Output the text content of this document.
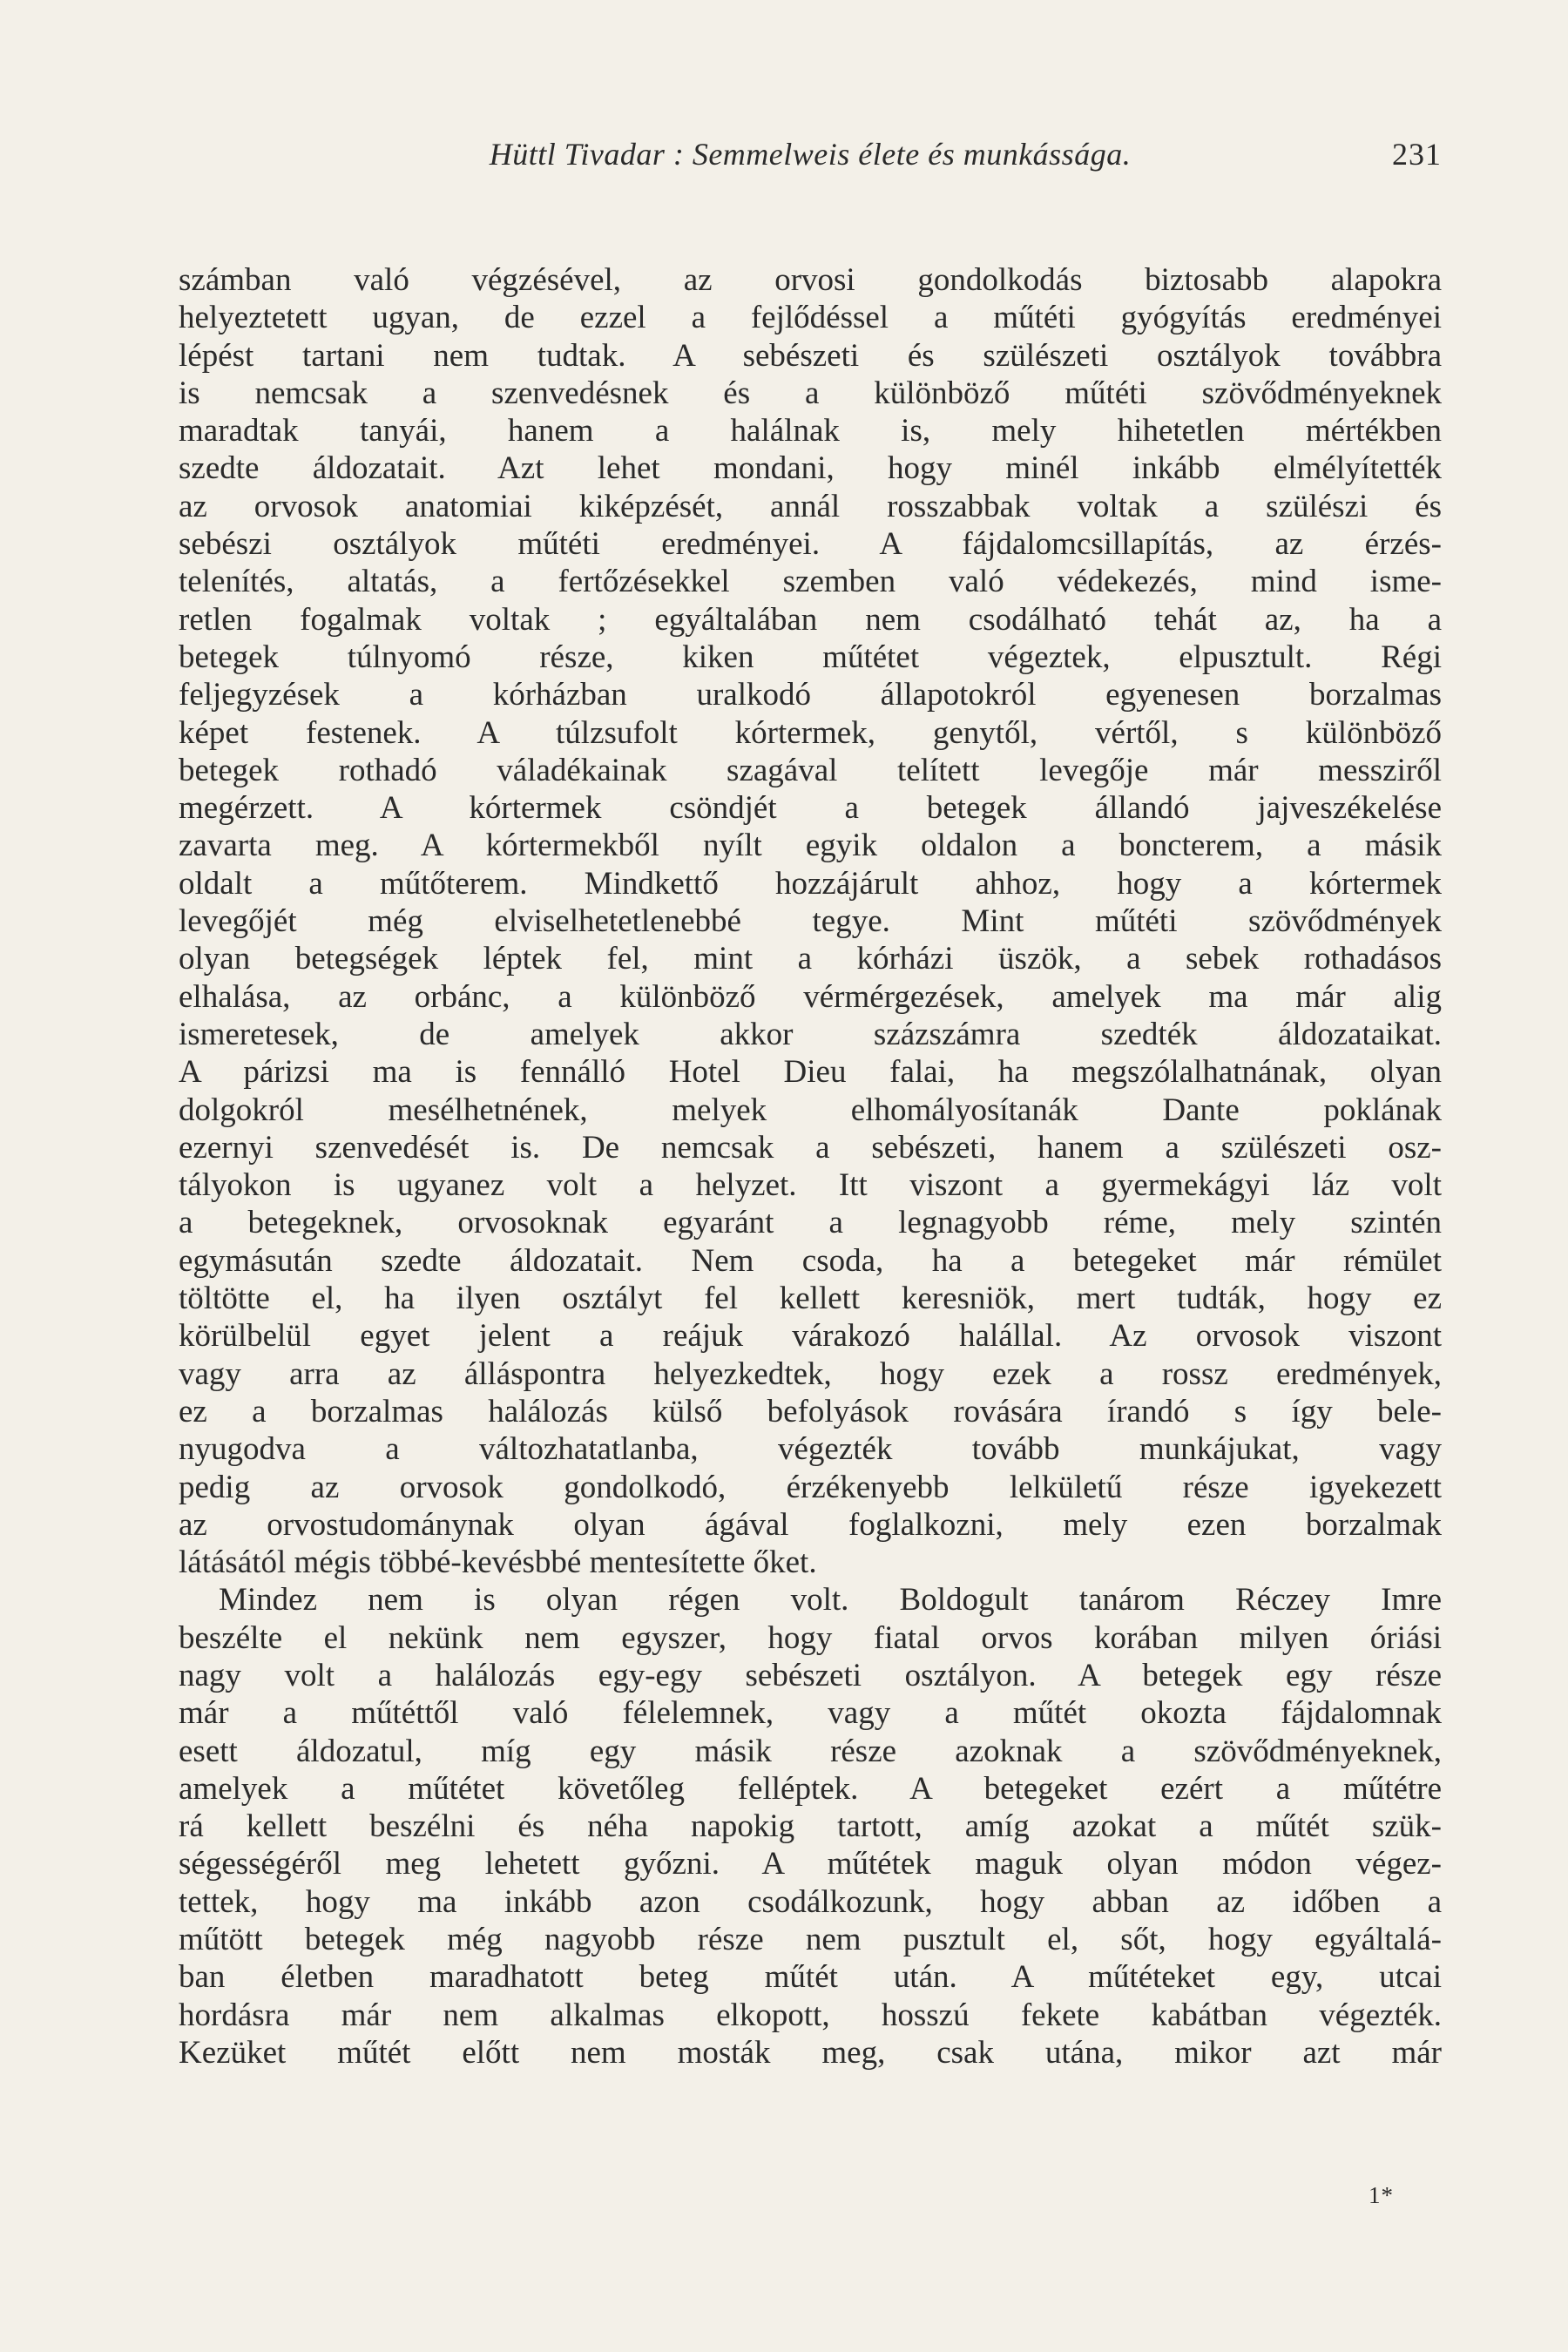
Hüttl Tivadar : Semmelweis élete és munkássága.	231
számban való végzésével, az orvosi gondolkodás biztosabb alapokra
helyeztetett ugyan, de ezzel a fejlődéssel a műtéti gyógyítás eredményei
lépést tartani nem tudtak. A sebészeti és szülészeti osztályok továbbra
is nemcsak a szenvedésnek és a különböző műtéti szövődményeknek
maradtak tanyái, hanem a halálnak is, mely hihetetlen mértékben
szedte áldozatait. Azt lehet mondani, hogy minél inkább elmélyítették
az orvosok anatomiai kiképzését, annál rosszabbak voltak a szülészi és
sebészi osztályok műtéti eredményei. A fájdalomcsillapítás, az érzés-
telenítés, altatás, a fertőzésekkel szemben való védekezés, mind isme-
retlen fogalmak voltak ; egyáltalában nem csodálható tehát az, ha a
betegek túlnyomó része, kiken műtétet végeztek, elpusztult. Régi
feljegyzések a kórházban uralkodó állapotokról egyenesen borzalmas
képet festenek. A túlzsufolt kórtermek, genytől, vértől, s különböző
betegek rothadó váladékainak szagával telített levegője már messziről
megérzett. A kórtermek csöndjét a betegek állandó jajveszékelése
zavarta meg. A kórtermekből nyílt egyik oldalon a boncterem, a másik
oldalt a műtőterem. Mindkettő hozzájárult ahhoz, hogy a kórtermek
levegőjét még elviselhetetlenebbé tegye. Mint műtéti szövődmények
olyan betegségek léptek fel, mint a kórházi üszök, a sebek rothadásos
elhalása, az orbánc, a különböző vérmérgezések, amelyek ma már alig
ismeretesek, de amelyek akkor százszámra szedték áldozataikat.
A párizsi ma is fennálló Hotel Dieu falai, ha megszólalhatnának, olyan
dolgokról mesélhetnének, melyek elhomályosítanák Dante poklának
ezernyi szenvedését is. De nemcsak a sebészeti, hanem a szülészeti osz-
tályokon is ugyanez volt a helyzet. Itt viszont a gyermekágyi láz volt
a betegeknek, orvosoknak egyaránt a legnagyobb réme, mely szintén
egymásután szedte áldozatait. Nem csoda, ha a betegeket már rémület
töltötte el, ha ilyen osztályt fel kellett keresniök, mert tudták, hogy ez
körülbelül egyet jelent a reájuk várakozó halállal. Az orvosok viszont
vagy arra az álláspontra helyezkedtek, hogy ezek a rossz eredmények,
ez a borzalmas halálozás külső befolyások rovására írandó s így bele-
nyugodva a változhatatlanba, végezték tovább munkájukat, vagy
pedig az orvosok gondolkodó, érzékenyebb lelkületű része igyekezett
az orvostudománynak olyan ágával foglalkozni, mely ezen borzalmak
látásától mégis többé-kevésbbé mentesítette őket.
Mindez nem is olyan régen volt. Boldogult tanárom Réczey Imre
beszélte el nekünk nem egyszer, hogy fiatal orvos korában milyen óriási
nagy volt a halálozás egy-egy sebészeti osztályon. A betegek egy része
már a műtéttől való félelemnek, vagy a műtét okozta fájdalomnak
esett áldozatul, míg egy másik része azoknak a szövődményeknek,
amelyek a műtétet követőleg felléptek. A betegeket ezért a műtétre
rá kellett beszélni és néha napokig tartott, amíg azokat a műtét szük-
ségességéről meg lehetett győzni. A műtétek maguk olyan módon végez-
tettek, hogy ma inkább azon csodálkozunk, hogy abban az időben a
műtött betegek még nagyobb része nem pusztult el, sőt, hogy egyáltalá-
ban életben maradhatott beteg műtét után. A műtéteket egy, utcai
hordásra már nem alkalmas elkopott, hosszú fekete kabátban végezték.
Kezüket műtét előtt nem mosták meg, csak utána, mikor azt már
1*
